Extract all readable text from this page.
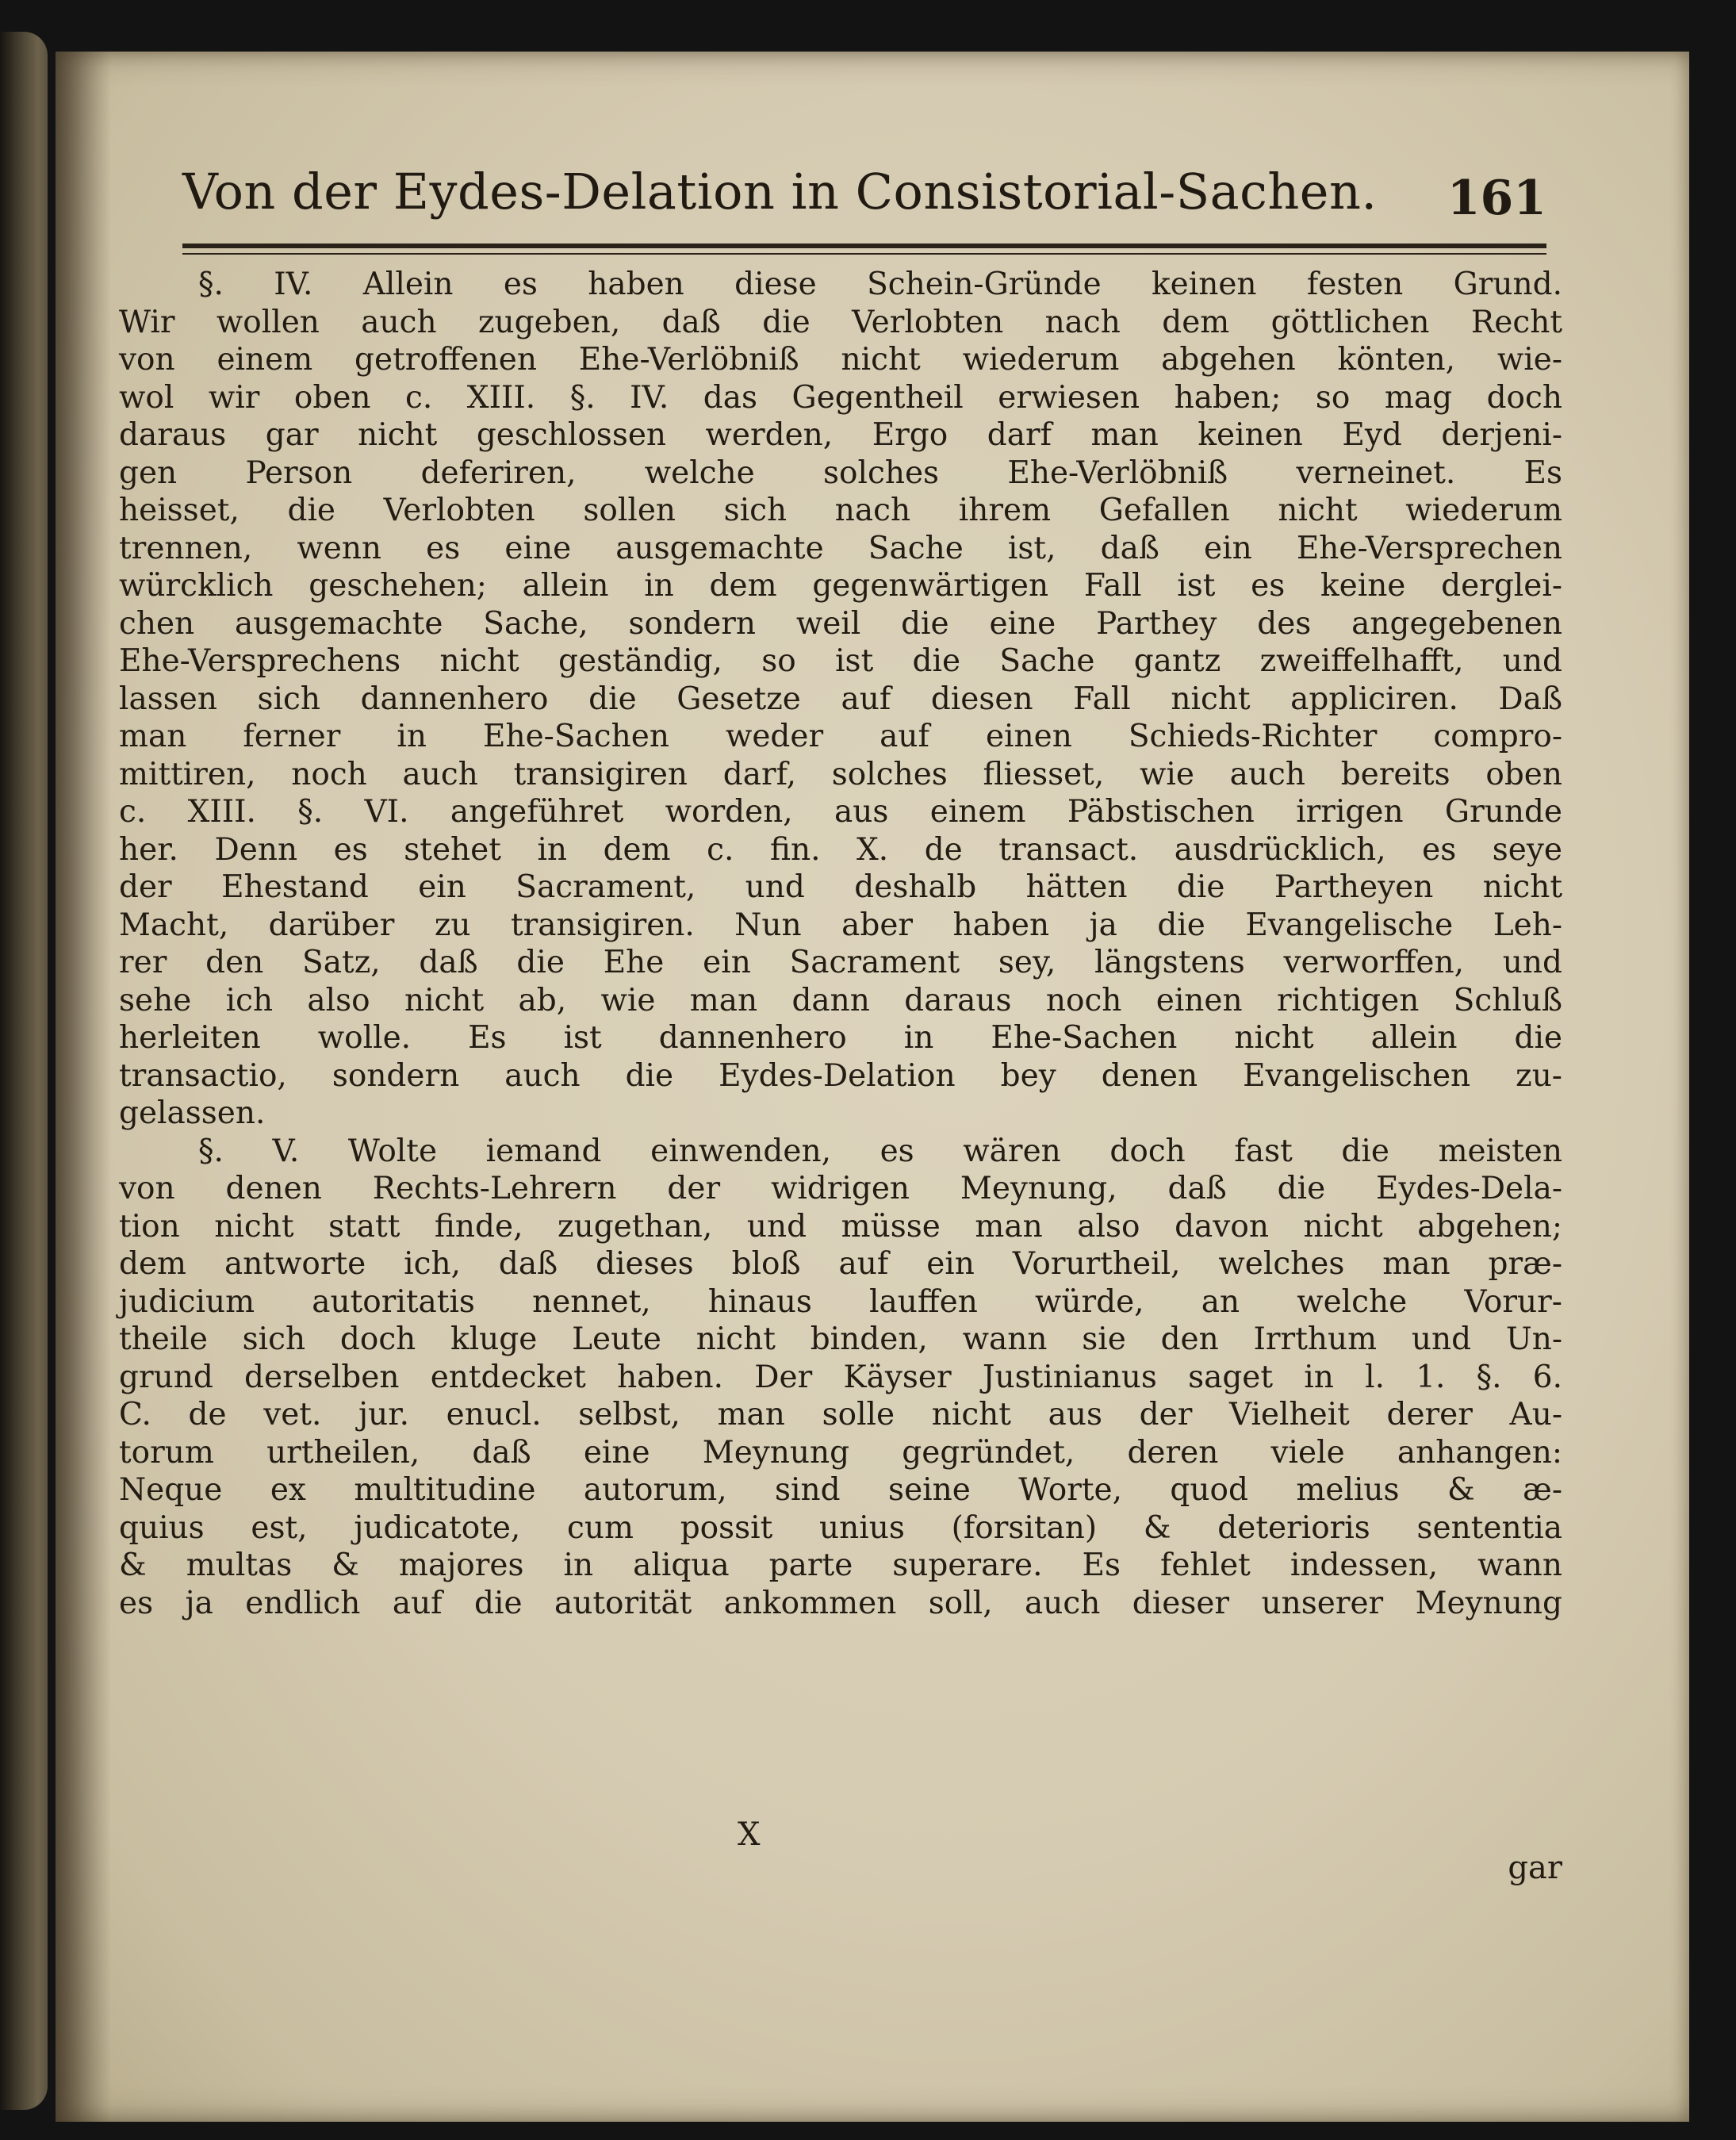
Von der Eydes-Delation in Consistorial-Sachen. 161
§. IV. Allein es haben diese Schein-Gründe keinen festen Grund.
Wir wollen auch zugeben, daß die Verlobten nach dem göttlichen Recht
von einem getroffenen Ehe-Verlöbniß nicht wiederum abgehen könten, wie-
wol wir oben c. XIII. §. IV. das Gegentheil erwiesen haben; so mag doch
daraus gar nicht geschlossen werden, Ergo darf man keinen Eyd derjeni-
gen Person deferiren, welche solches Ehe-Verlöbniß verneinet. Es
heisset, die Verlobten sollen sich nach ihrem Gefallen nicht wiederum
trennen, wenn es eine ausgemachte Sache ist, daß ein Ehe-Versprechen
würcklich geschehen; allein in dem gegenwärtigen Fall ist es keine derglei-
chen ausgemachte Sache, sondern weil die eine Parthey des angegebenen
Ehe-Versprechens nicht geständig, so ist die Sache gantz zweiffelhafft, und
lassen sich dannenhero die Gesetze auf diesen Fall nicht appliciren. Daß
man ferner in Ehe-Sachen weder auf einen Schieds-Richter compro-
mittiren, noch auch transigiren darf, solches fliesset, wie auch bereits oben
c. XIII. §. VI. angeführet worden, aus einem Päbstischen irrigen Grunde
her. Denn es stehet in dem c. fin. X. de transact. ausdrücklich, es seye
der Ehestand ein Sacrament, und deshalb hätten die Partheyen nicht
Macht, darüber zu transigiren. Nun aber haben ja die Evangelische Leh-
rer den Satz, daß die Ehe ein Sacrament sey, längstens verworffen, und
sehe ich also nicht ab, wie man dann daraus noch einen richtigen Schluß
herleiten wolle. Es ist dannenhero in Ehe-Sachen nicht allein die
transactio, sondern auch die Eydes-Delation bey denen Evangelischen zu-
gelassen.
§. V. Wolte iemand einwenden, es wären doch fast die meisten
von denen Rechts-Lehrern der widrigen Meynung, daß die Eydes-Dela-
tion nicht statt finde, zugethan, und müsse man also davon nicht abgehen;
dem antworte ich, daß dieses bloß auf ein Vorurtheil, welches man præ-
judicium autoritatis nennet, hinaus lauffen würde, an welche Vorur-
theile sich doch kluge Leute nicht binden, wann sie den Irrthum und Un-
grund derselben entdecket haben. Der Käyser Justinianus saget in l. 1. §. 6.
C. de vet. jur. enucl. selbst, man solle nicht aus der Vielheit derer Au-
torum urtheilen, daß eine Meynung gegründet, deren viele anhangen:
Neque ex multitudine autorum, sind seine Worte, quod melius & æ-
quius est, judicatote, cum possit unius (forsitan) & deterioris sententia
& multas & majores in aliqua parte superare. Es fehlet indessen, wann
es ja endlich auf die autorität ankommen soll, auch dieser unserer Meynung
X
gar
